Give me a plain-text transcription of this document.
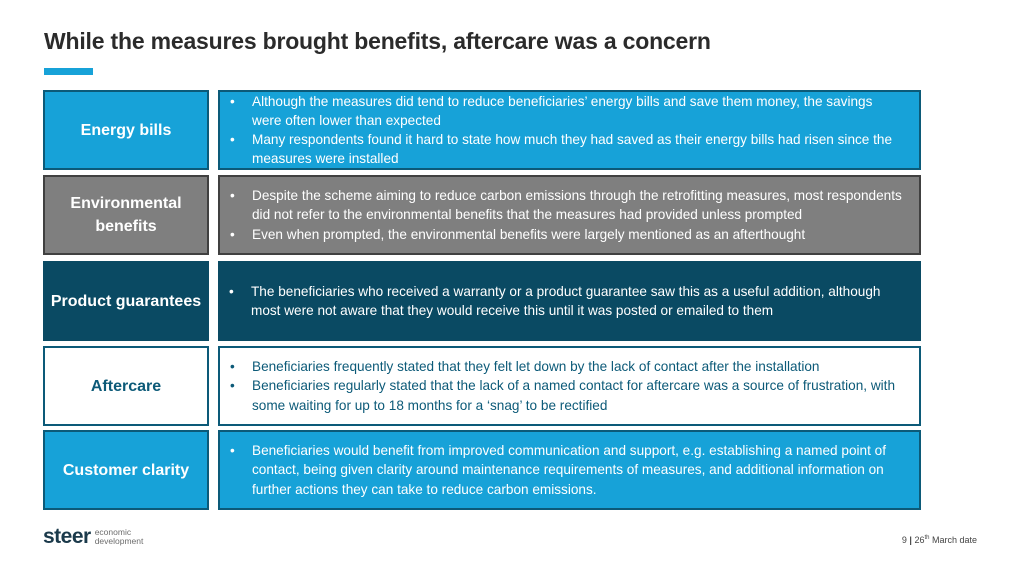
While the measures brought benefits, aftercare was a concern
Energy bills
• Although the measures did tend to reduce beneficiaries’ energy bills and save them money, the savings were often lower than expected
• Many respondents found it hard to state how much they had saved as their energy bills had risen since the measures were installed
Environmental benefits
• Despite the scheme aiming to reduce carbon emissions through the retrofitting measures, most respondents did not refer to the environmental benefits that the measures had provided unless prompted
• Even when prompted, the environmental benefits were largely mentioned as an afterthought
Product guarantees
• The beneficiaries who received a warranty or a product guarantee saw this as a useful addition, although most were not aware that they would receive this until it was posted or emailed to them
Aftercare
• Beneficiaries frequently stated that they felt let down by the lack of contact after the installation
• Beneficiaries regularly stated that the lack of a named contact for aftercare was a source of frustration, with some waiting for up to 18 months for a ‘snag’ to be rectified
Customer clarity
• Beneficiaries would benefit from improved communication and support, e.g. establishing a named point of contact, being given clarity around maintenance requirements of measures, and additional information on further actions they can take to reduce carbon emissions.
steer economic
development	9 | 26th March date
